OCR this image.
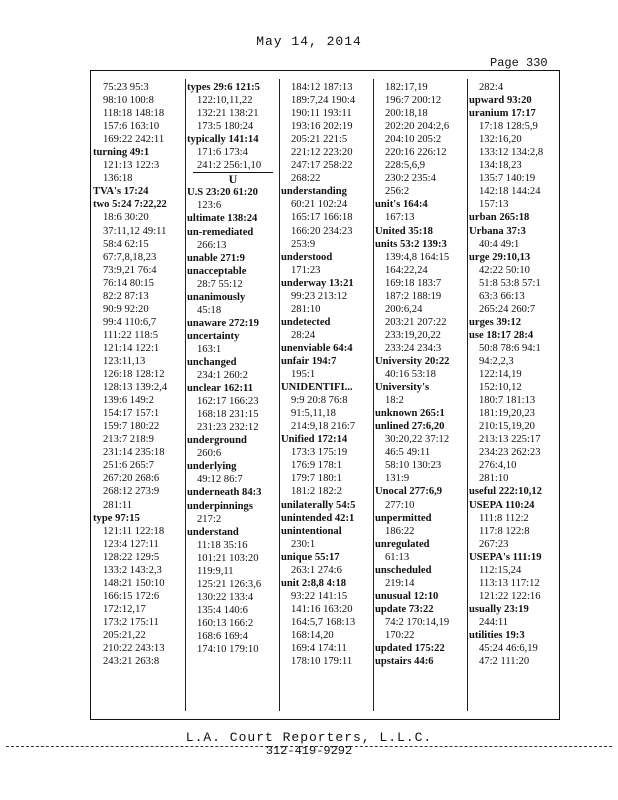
May 14, 2014
Page 330
75:23 95:3
98:10 100:8
118:18 148:18
157:6 163:10
169:22 242:11
turning 49:1
121:13 122:3
136:18
TVA's 17:24
two 5:24 7:22,22
18:6 30:20
37:11,12 49:11
58:4 62:15
67:7,8,18,23
73:9,21 76:4
76:14 80:15
82:2 87:13
90:9 92:20
99:4 110:6,7
111:22 118:5
121:14 122:1
123:11,13
126:18 128:12
128:13 139:2,4
139:6 149:2
154:17 157:1
159:7 180:22
213:7 218:9
231:14 235:18
251:6 265:7
267:20 268:6
268:12 273:9
281:11
type 97:15
121:11 122:18
123:4 127:11
128:22 129:5
133:2 143:2,3
148:21 150:10
166:15 172:6
172:12,17
173:2 175:11
205:21,22
210:22 243:13
243:21 263:8
types 29:6 121:5
122:10,11,22
132:21 138:21
173:5 180:24
typically 141:14
171:6 173:4
241:2 256:1,10
U
U.S 23:20 61:20
123:6
ultimate 138:24
un-remediated
266:13
unable 271:9
unacceptable
28:7 55:12
unanimously
45:18
unaware 272:19
uncertainty
163:1
unchanged
234:1 260:2
unclear 162:11
162:17 166:23
168:18 231:15
231:23 232:12
underground
260:6
underlying
49:12 86:7
underneath 84:3
underpinnings
217:2
understand
11:18 35:16
101:21 103:20
119:9,11
125:21 126:3,6
130:22 133:4
135:4 140:6
160:13 166:2
168:6 169:4
174:10 179:10
184:12 187:13
189:7,24 190:4
190:11 193:11
193:16 202:19
205:21 221:5
221:12 223:20
247:17 258:22
268:22
understanding
60:21 102:24
165:17 166:18
166:20 234:23
253:9
understood
171:23
underway 13:21
99:23 213:12
281:10
undetected
28:24
unenviable 64:4
unfair 194:7
195:1
UNIDENTIFI...
9:9 20:8 76:8
91:5,11,18
214:9,18 216:7
Unified 172:14
173:3 175:19
176:9 178:1
179:7 180:1
181:2 182:2
unilaterally 54:5
unintended 42:1
unintentional
230:1
unique 55:17
263:1 274:6
unit 2:8,8 4:18
93:22 141:15
141:16 163:20
164:5,7 168:13
168:14,20
169:4 174:11
178:10 179:11
182:17,19
196:7 200:12
200:18,18
202:20 204:2,6
204:10 205:2
220:16 226:12
228:5,6,9
230:2 235:4
256:2
unit's 164:4
167:13
United 35:18
units 53:2 139:3
139:4,8 164:15
164:22,24
169:18 183:7
187:2 188:19
200:6,24
203:21 207:22
233:19,20,22
233:24 234:3
University 20:22
40:16 53:18
University's
18:2
unknown 265:1
unlined 27:6,20
30:20,22 37:12
46:5 49:11
58:10 130:23
131:9
Unocal 277:6,9
277:10
unpermitted
186:22
unregulated
61:13
unscheduled
219:14
unusual 12:10
update 73:22
74:2 170:14,19
170:22
updated 175:22
upstairs 44:6
282:4
upward 93:20
uranium 17:17
17:18 128:5,9
132:16,20
133:12 134:2,8
134:18,23
135:7 140:19
142:18 144:24
157:13
urban 265:18
Urbana 37:3
40:4 49:1
urge 29:10,13
42:22 50:10
51:8 53:8 57:1
63:3 66:13
265:24 260:7
urges 39:12
use 18:17 28:4
50:8 78:6 94:1
94:2,2,3
122:14,19
152:10,12
180:7 181:13
181:19,20,23
210:15,19,20
213:13 225:17
234:23 262:23
276:4,10
281:10
useful 222:10,12
USEPA 110:24
111:8 112:2
117:8 122:8
267:23
USEPA's 111:19
112:15,24
113:13 117:12
121:22 122:16
usually 23:19
244:11
utilities 19:3
45:24 46:6,19
47:2 111:20
L.A. Court Reporters, L.L.C.
312-419-9292
